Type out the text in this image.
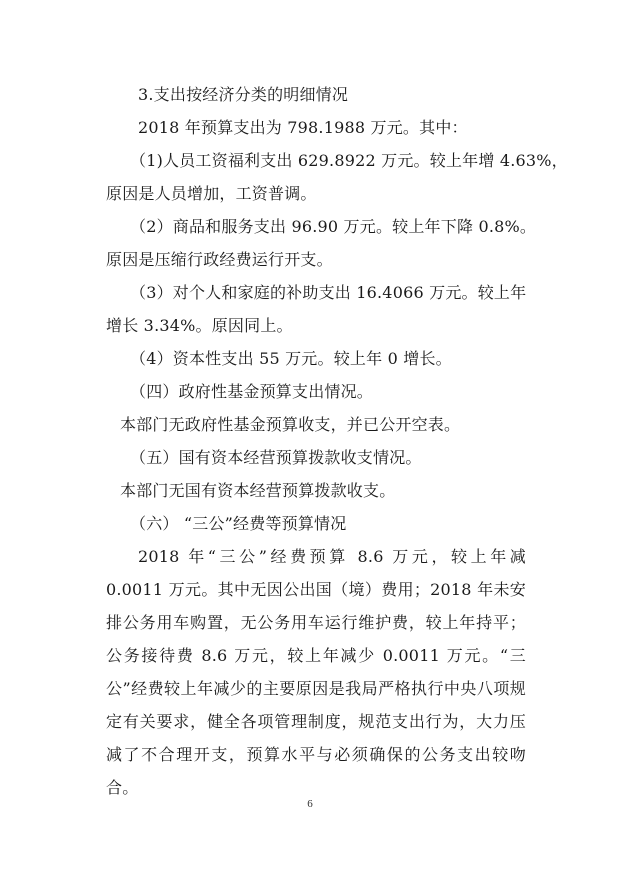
3.支出按经济分类的明细情况

2018 年预算支出为 798.1988 万元。其中：

（1)人员工资福利支出 629.8922 万元。较上年增 4.63%，

原因是人员增加，工资普调。

（2）商品和服务支出 96.90 万元。较上年下降 0.8%。

原因是压缩行政经费运行开支。

（3）对个人和家庭的补助支出 16.4066 万元。较上年

增长 3.34%。原因同上。

（4）资本性支出 55 万元。较上年 0 增长。

（四）政府性基金预算支出情况。

本部门无政府性基金预算收支，并已公开空表。

（五）国有资本经营预算拨款收支情况。

本部门无国有资本经营预算拨款收支。

（六） “三公”经费等预算情况

2018 年“三公”经费预算 8.6 万元，较上年减 0.0011 万元。其中无因公出国（境）费用；2018 年未安排公务用车购置，无公务用车运行维护费，较上年持平；公务接待费 8.6 万元，较上年减少 0.0011 万元。“三公”经费较上年减少的主要原因是我局严格执行中央八项规定有关要求，健全各项管理制度，规范支出行为，大力压减了不合理开支，预算水平与必须确保的公务支出较吻合。

6
